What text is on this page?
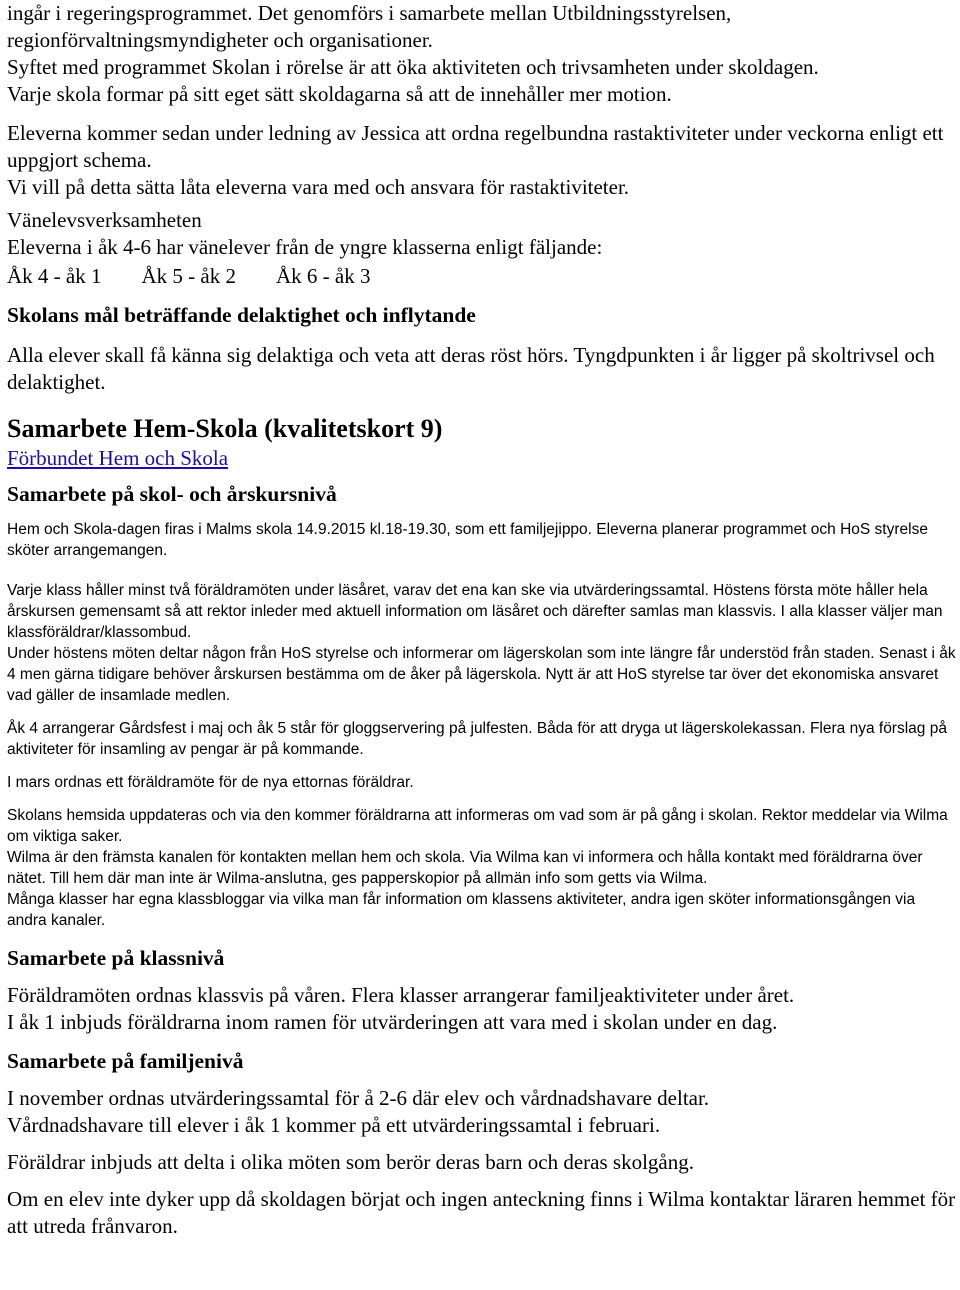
ingår i regeringsprogrammet. Det genomförs i samarbete mellan Utbildningsstyrelsen,

regionförvaltningsmyndigheter och organisationer.

Syftet med programmet Skolan i rörelse är att öka aktiviteten och trivsamheten under skoldagen.

Varje skola formar på sitt eget sätt skoldagarna så att de innehåller mer motion.

Eleverna kommer sedan under ledning av Jessica att ordna regelbundna rastaktiviteter under veckorna enligt ett uppgjort schema.

Vi vill på detta sätta låta eleverna vara med och ansvara för rastaktiviteter.

Vänelevsverksamheten

Eleverna i åk 4-6 har vänelever från de yngre klasserna enligt fäljande:

Åk 4 - åk 1 Åk 5 - åk 2 Åk 6 - åk 3

Skolans mål beträffande delaktighet och inflytande

Alla elever skall få känna sig delaktiga och veta att deras röst hörs. Tyngdpunkten i år ligger på skoltrivsel och delaktighet.

Samarbete Hem-Skola (kvalitetskort 9)
Förbundet Hem och Skola
Samarbete på skol- och årskursnivå

Hem och Skola-dagen firas i Malms skola 14.9.2015 kl.18-19.30, som ett familjejippo. Eleverna planerar programmet och HoS styrelse sköter arrangemangen.

Varje klass håller minst två föräldramöten under läsåret, varav det ena kan ske via utvärderingssamtal. Höstens första möte håller hela årskursen gemensamt så att rektor inleder med aktuell information om läsåret och därefter samlas man klassvis. I alla klasser väljer man klassföräldrar/klassombud.

Under höstens möten deltar någon från HoS styrelse och informerar om lägerskolan som inte längre får understöd från staden. Senast i åk 4 men gärna tidigare behöver årskursen bestämma om de åker på lägerskola. Nytt är att HoS styrelse tar över det ekonomiska ansvaret vad gäller de insamlade medlen.

Åk 4 arrangerar Gårdsfest i maj och åk 5 står för gloggservering på julfesten. Båda för att dryga ut lägerskolekassan. Flera nya förslag på aktiviteter för insamling av pengar är på kommande.

I mars ordnas ett föräldramöte för de nya ettornas föräldrar.

Skolans hemsida uppdateras och via den kommer föräldrarna att informeras om vad som är på gång i skolan. Rektor meddelar via Wilma om viktiga saker.

Wilma är den främsta kanalen för kontakten mellan hem och skola. Via Wilma kan vi informera och hålla kontakt med föräldrarna över nätet. Till hem där man inte är Wilma-anslutna, ges papperskopior på allmän info som getts via Wilma.

Många klasser har egna klassbloggar via vilka man får information om klassens aktiviteter, andra igen sköter informationsgången via andra kanaler.

Samarbete på klassnivå

Föräldramöten ordnas klassvis på våren. Flera klasser arrangerar familjeaktiviteter under året.

I åk 1 inbjuds föräldrarna inom ramen för utvärderingen att vara med i skolan under en dag.

Samarbete på familjenivå

I november ordnas utvärderingssamtal för å 2-6 där elev och vårdnadshavare deltar.

Vårdnadshavare till elever i åk 1 kommer på ett utvärderingssamtal i februari.

Föräldrar inbjuds att delta i olika möten som berör deras barn och deras skolgång.

Om en elev inte dyker upp då skoldagen börjat och ingen anteckning finns i Wilma kontaktar läraren hemmet för att utreda frånvaron.
